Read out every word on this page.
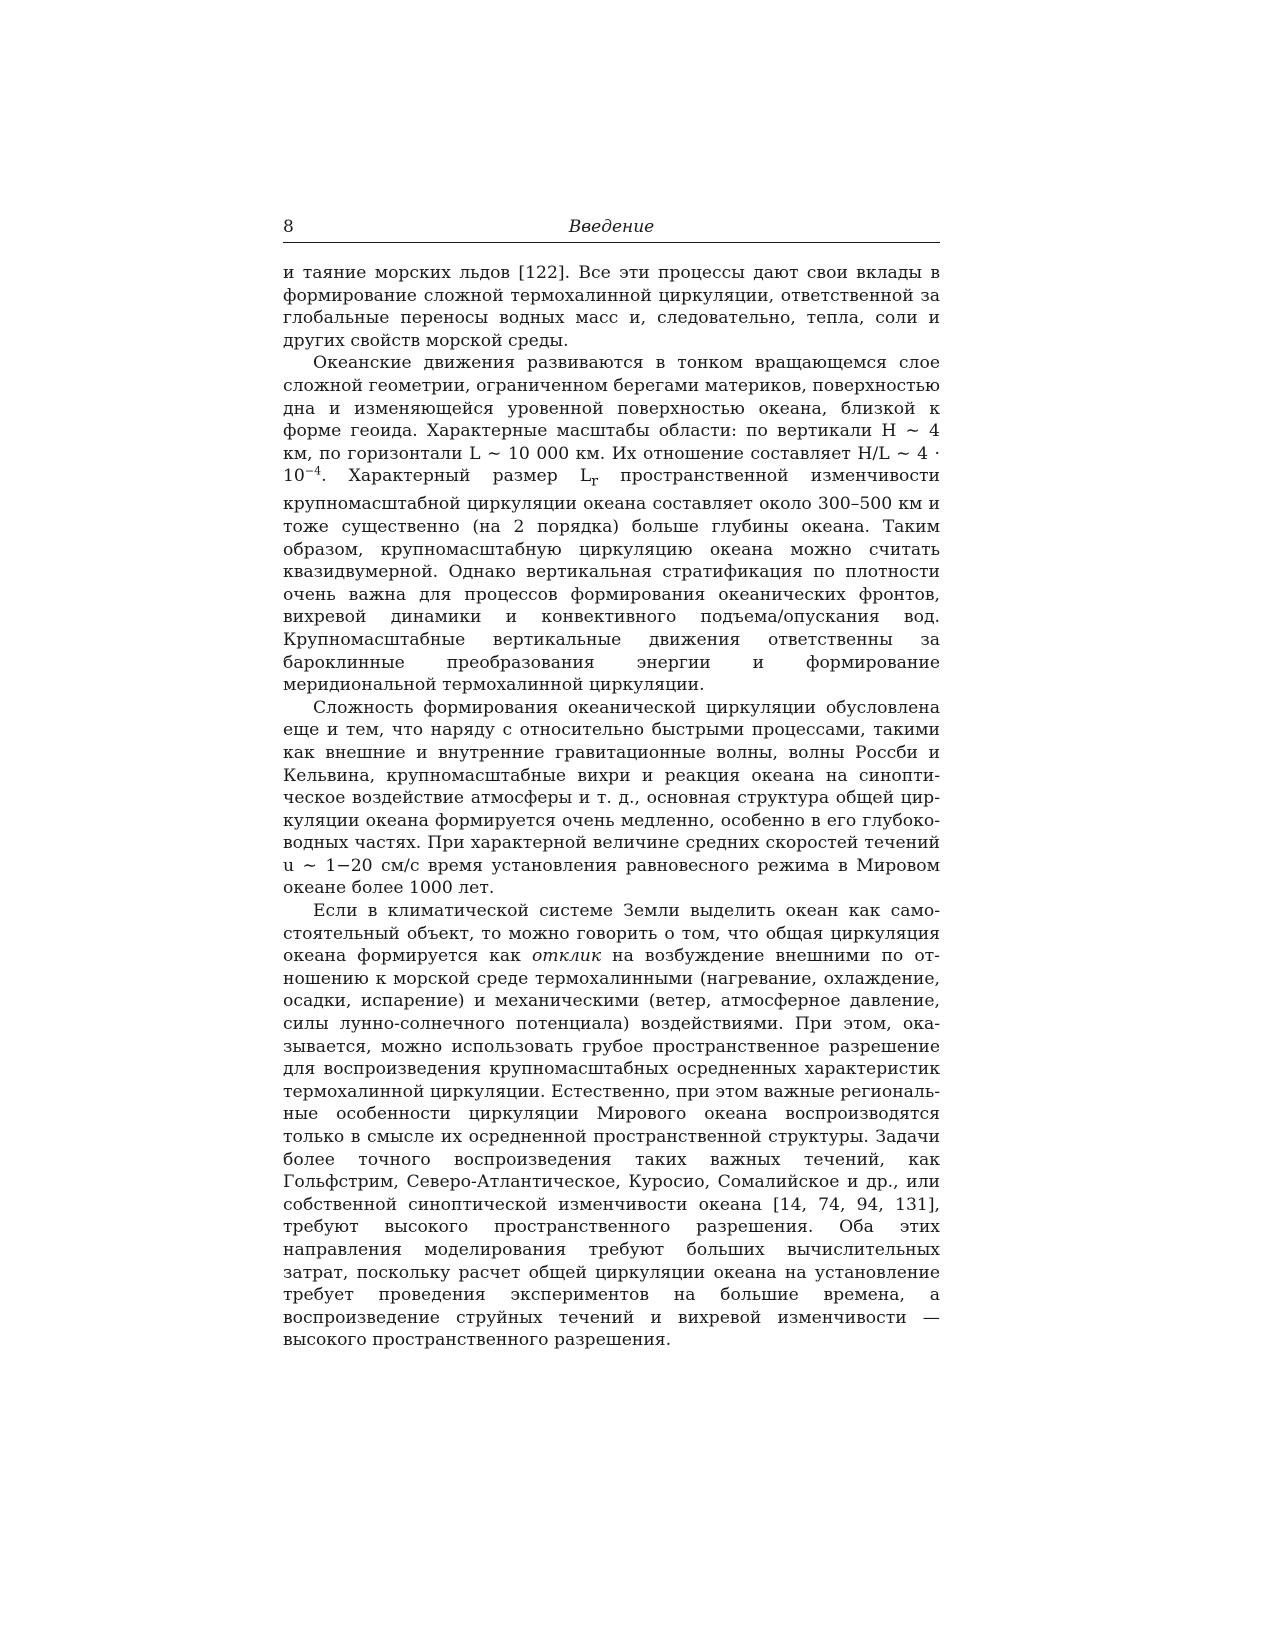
8	Введение

и таяние морских льдов [122]. Все эти процессы дают свои вклады в формирование сложной термохалинной циркуляции, ответственной за глобальные переносы водных масс и, следовательно, тепла, соли и других свойств морской среды.

Океанские движения развиваются в тонком вращающемся слое сложной геометрии, ограниченном берегами материков, поверхностью дна и изменяющейся уровенной поверхностью океана, близкой к форме геоида. Характерные масштабы области: по вертикали H ∼ 4 км, по горизонтали L ∼ 10 000 км. Их отношение составляет H/L ∼ $4 \cdot 10^{-4}$. Характерный размер $L_r$ пространственной изменчивости крупномасштабной циркуляции океана составляет около 300–500 км и тоже существенно (на 2 порядка) больше глубины океана. Таким образом, крупномасштабную циркуляцию океана можно считать квазидвумерной. Однако вертикальная стратификация по плотности очень важна для процессов формирования океанических фронтов, вихревой динамики и конвективного подъема/опускания вод. Крупномасштабные вертикальные движения ответственны за бароклинные преобразования энергии и формирование меридиональной термохалинной циркуляции.

Сложность формирования океанической циркуляции обусловлена еще и тем, что наряду с относительно быстрыми процессами, такими как внешние и внутренние гравитационные волны, волны Россби и Кельвина, крупномасштабные вихри и реакция океана на синоптическое воздействие атмосферы и т. д., основная структура общей циркуляции океана формируется очень медленно, особенно в его глубоководных частях. При характерной величине средних скоростей течений u ∼ 1−20 см/с время установления равновесного режима в Мировом океане более 1000 лет.

Если в климатической системе Земли выделить океан как самостоятельный объект, то можно говорить о том, что общая циркуляция океана формируется как отклик на возбуждение внешними по отношению к морской среде термохалинными (нагревание, охлаждение, осадки, испарение) и механическими (ветер, атмосферное давление, силы лунно-солнечного потенциала) воздействиями. При этом, оказывается, можно использовать грубое пространственное разрешение для воспроизведения крупномасштабных осредненных характеристик термохалинной циркуляции. Естественно, при этом важные региональные особенности циркуляции Мирового океана воспроизводятся только в смысле их осредненной пространственной структуры. Задачи более точного воспроизведения таких важных течений, как Гольфстрим, Северо-Атлантическое, Куросио, Сомалийское и др., или собственной синоптической изменчивости океана [14, 74, 94, 131], требуют высокого пространственного разрешения. Оба этих направления моделирования требуют больших вычислительных затрат, поскольку расчет общей циркуляции океана на установление требует проведения экспериментов на большие времена, а воспроизведение струйных течений и вихревой изменчивости — высокого пространственного разрешения.
